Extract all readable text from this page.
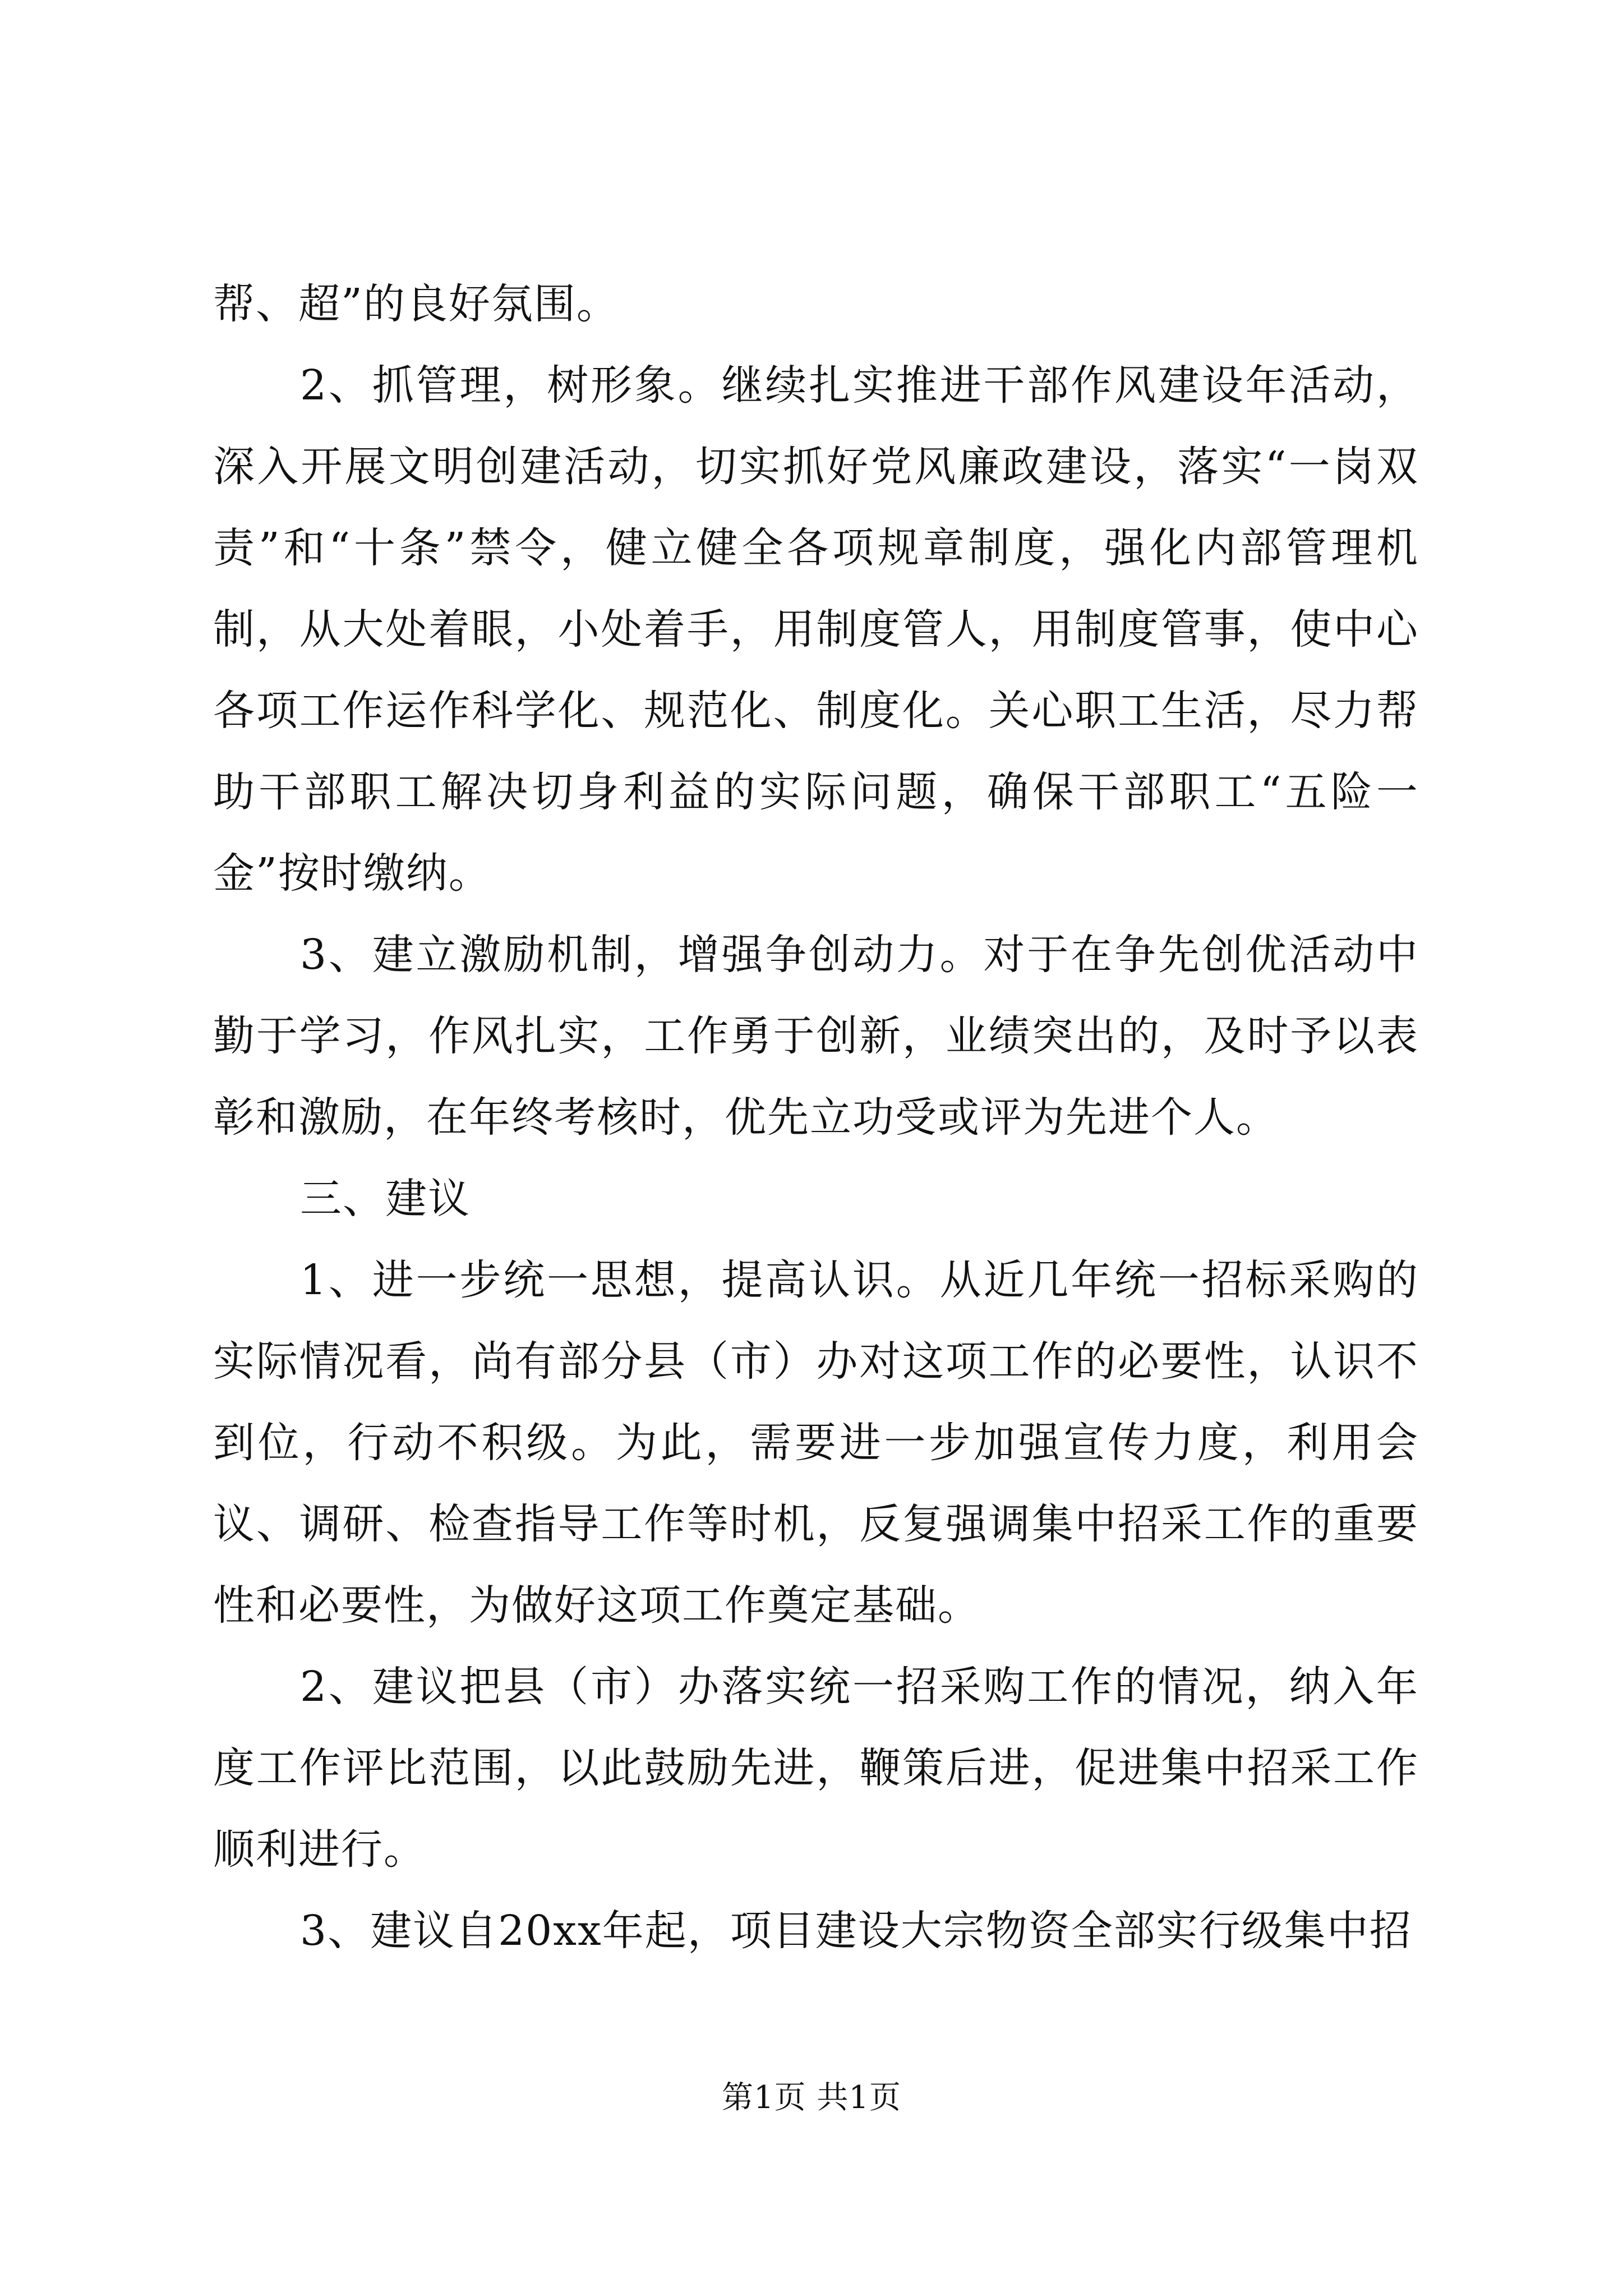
帮、超”的良好氛围。

2、抓管理，树形象。继续扎实推进干部作风建设年活动，深入开展文明创建活动，切实抓好党风廉政建设，落实“一岗双责”和“十条”禁令，健立健全各项规章制度，强化内部管理机制，从大处着眼，小处着手，用制度管人，用制度管事，使中心各项工作运作科学化、规范化、制度化。关心职工生活，尽力帮助干部职工解决切身利益的实际问题，确保干部职工“五险一金”按时缴纳。

3、建立激励机制，增强争创动力。对于在争先创优活动中勤于学习，作风扎实，工作勇于创新，业绩突出的，及时予以表彰和激励，在年终考核时，优先立功受或评为先进个人。

三、建议

1、进一步统一思想，提高认识。从近几年统一招标采购的实际情况看，尚有部分县（市）办对这项工作的必要性，认识不到位，行动不积级。为此，需要进一步加强宣传力度，利用会议、调研、检查指导工作等时机，反复强调集中招采工作的重要性和必要性，为做好这项工作奠定基础。

2、建议把县（市）办落实统一招采购工作的情况，纳入年度工作评比范围，以此鼓励先进，鞭策后进，促进集中招采工作顺利进行。

3、建议自20xx年起，项目建设大宗物资全部实行级集中招

第1页 共1页
